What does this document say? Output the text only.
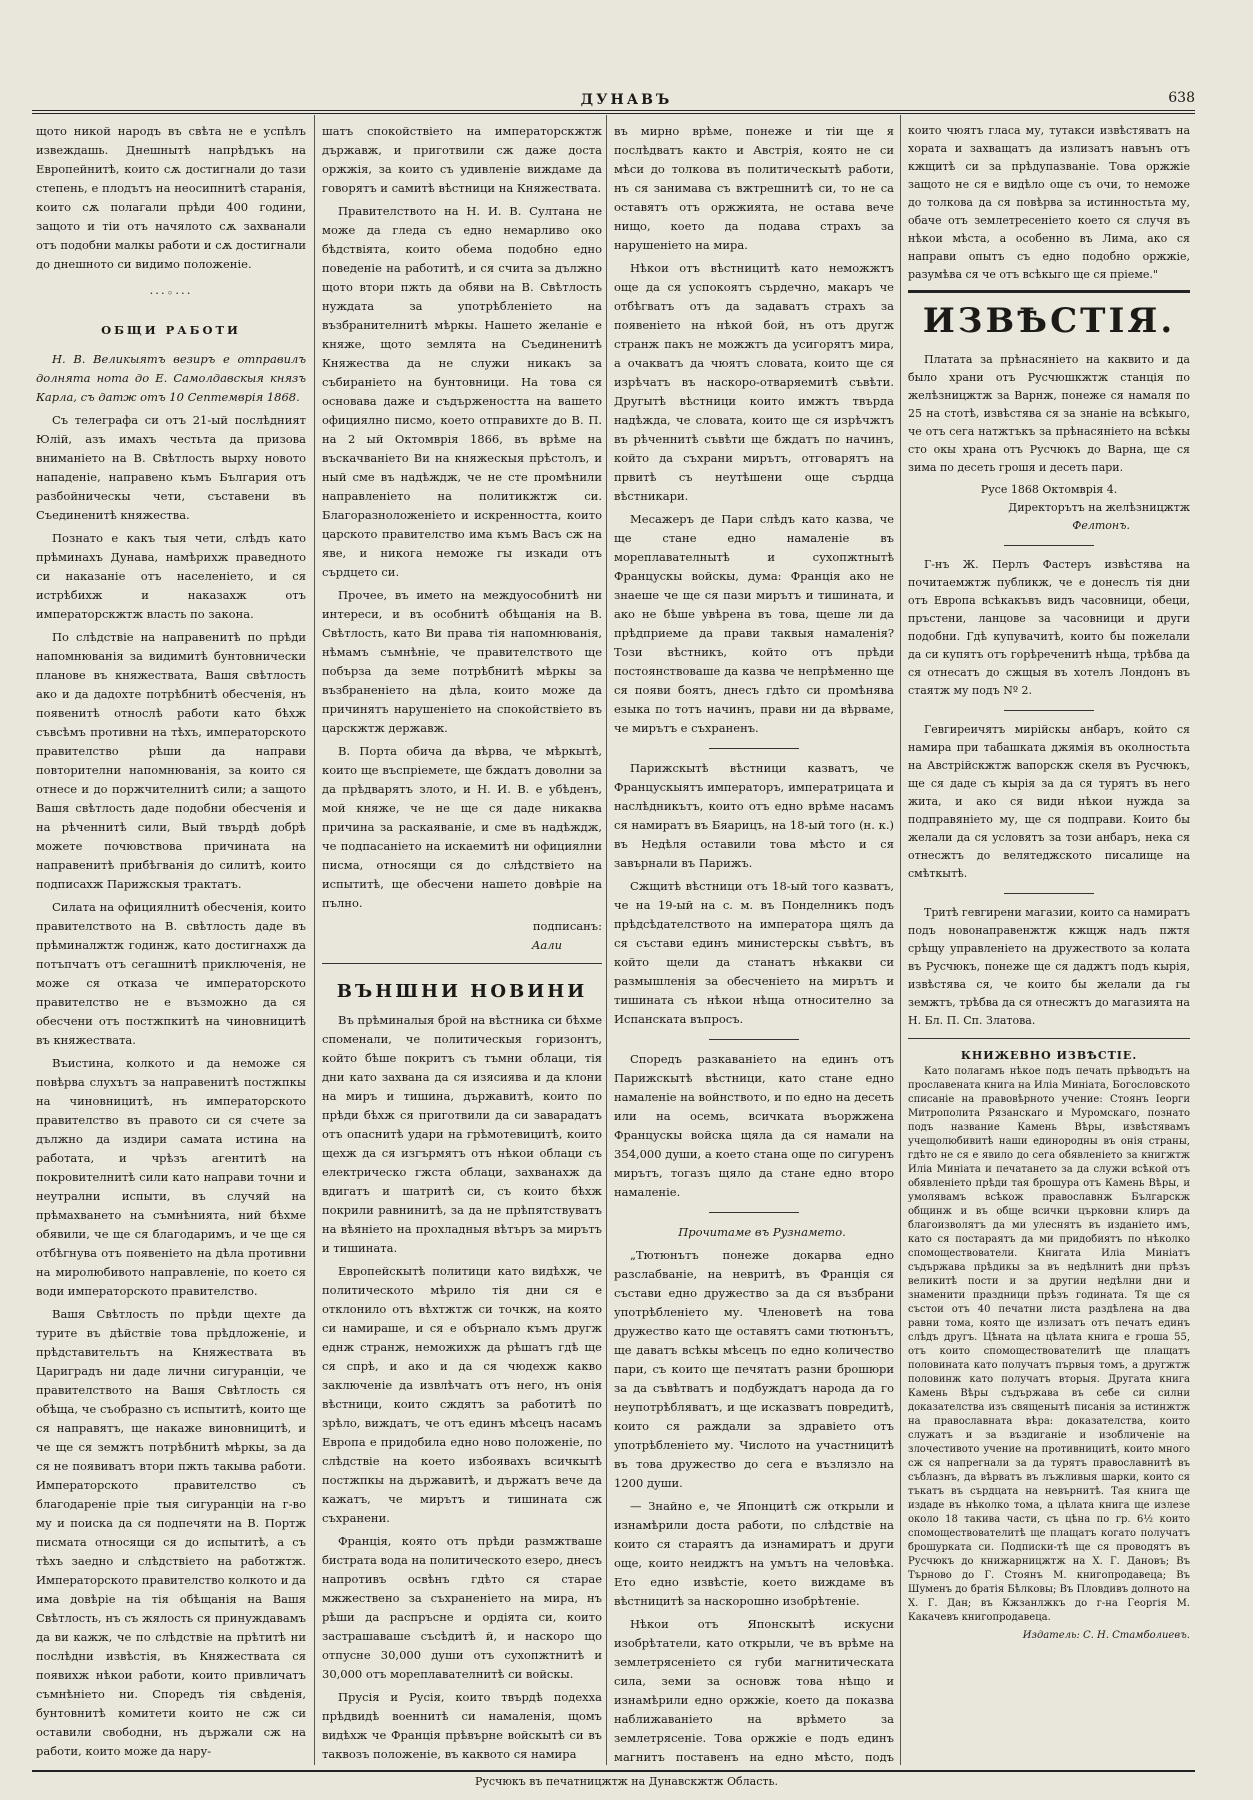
ДУНАВЪ	638

щото никой народъ въ свѣта не е успѣлъ извеждашь. Днешнытѣ напрѣдъкъ на Европейнитѣ, които сѫ достигнали до тази степень, е плодътъ на неосипнитѣ старанія, които сѫ полагали прѣди 400 години, защото и тіи отъ начялото сѫ захванали отъ подобни малкы работи и сѫ достигнали до днешното си видимо положеніе.

···◦···
ОБЩИ РАБОТИ

Н. В. Великыятъ везиръ е отправилъ долнята нота до Е. Самолдавскыя князъ Карла, съ датж отъ 10 Септемврія 1868.

Съ телеграфа си отъ 21-ый послѣдният Юлій, азъ имахъ честьта да призова вниманіето на В. Свѣтлость вырху новото нападеніе, направено къмъ България отъ разбойническы чети, съставени въ Съединенитѣ княжества.

Познато е какъ тыя чети, слѣдъ като прѣминахъ Дунава, намѣрихж праведното си наказаніе отъ населеніето, и ся истрѣбихж и наказахж отъ императорскжтж власть по закона.

По слѣдствіе на направенитѣ по прѣди напомнюванія за видимитѣ бунтовнически планове въ княжествата, Вашя свѣтлость ако и да дадохте потрѣбнитѣ обесченія, нъ появенитѣ относлѣ работи като бѣхж съвсѣмъ противни на тѣхъ, императорското правителство рѣши да направи повторителни напомнюванія, за които ся отнесе и до поржчителнитѣ сили; а защото Вашя свѣтлость даде подобни обесченія и на рѣченнитѣ сили, Вый твърдѣ добрѣ можете почювствова причината на направенитѣ прибѣгванія до силитѣ, които подписахж Парижскыя трактатъ.

Силата на официялнитѣ обесченія, които правителството на В. свѣтлость даде въ прѣминалжтж годинж, като достигнахж да потъпчатъ отъ сегашнитѣ приключенія, не може ся отказа че императорското правителство не е възможно да ся обесчени отъ постжпкитѣ на чиновницитѣ въ княжествата.

Въистина, колкото и да неможе ся повѣрва слухътъ за направенитѣ постжпкы на чиновницитѣ, нъ императорското правителство въ правото си ся счете за дължно да издири самата истина на работата, и чрѣзъ агентитѣ на покровителнитѣ сили като направи точни и неутрални испыти, въ случяй на прѣмахването на съмнѣнията, ний бѣхме обявили, че ще ся благодаримъ, и че ще ся отбѣгнува отъ появеніето на дѣла противни на миролюбивото направленіе, по което ся води императорското правителство.

Вашя Свѣтлость по прѣди щехте да турите въ дѣйствіе това прѣдложеніе, и прѣдставительтъ на Княжествата въ Цариградъ ни даде лични сигуранціи, че правителството на Вашя Свѣтлость ся обѣща, че съобразно съ испытитѣ, които ще ся направятъ, ще накаже виновницитѣ, и че ще ся земжтъ потрѣбнитѣ мѣркы, за да ся не появиватъ втори пжть такыва работи. Императорското правителство съ благодареніе пріе тыя сигуранціи на г-во му и поиска да ся подпечяти на В. Портж писмата относящи ся до испытитѣ, а съ тѣхъ заедно и слѣдствіето на работжтж. Императорското правителство колкото и да има довѣріе на тія обѣщанія на Вашя Свѣтлость, нъ съ жялость ся принуждавамъ да ви кажж, че по слѣдствіе на прѣтитѣ ни послѣдни извѣстія, въ Княжествата ся появихж нѣкои работи, които привличатъ съмнѣніето ни. Споредъ тія свѣденія, бунтовнитѣ комитети които не сж си оставили свободни, нъ държали сж на работи, които може да нару-

шатъ спокойствіето на императорскжтж държавж, и приготвили сж даже доста оржжія, за които съ удивленіе виждаме да говорятъ и самитѣ вѣстници на Княжествата.

Правителството на Н. И. В. Султана не може да гледа съ едно немарливо око бѣдствіята, които обема подобно едно поведеніе на работитѣ, и ся счита за дължно щото втори пжть да обяви на В. Свѣтлость нуждата за употрѣбленіето на възбранителнитѣ мѣркы. Нашето желаніе е княже, щото землята на Съединенитѣ Княжества да не служи никакъ за събираніето на бунтовници. На това ся основава даже и съдържеността на вашето официялно писмо, което отправихте до В. П. на 2 ый Октомврія 1866, въ врѣме на въскачваніето Ви на княжескыя прѣстолъ, и ный сме въ надѣждж, че не сте промѣнили направленіето на политикжтж си. Благоразноложеніето и искренността, които царското правителство има къмъ Васъ сж на яве, и никога неможе гы изкади отъ сърдцето си.

Прочее, въ името на междуособнитѣ ни интереси, и въ особнитѣ обѣщанія на В. Свѣтлость, като Ви права тія напомнюванія, нѣмамъ съмнѣніе, че правителството ще побърза да земе потрѣбнитѣ мѣркы за възбраненіето на дѣла, които може да причинятъ нарушеніето на спокойствіето въ царскжтж державж.

В. Порта обича да вѣрва, че мѣркытѣ, които ще въспріемете, ще бждатъ доволни за да прѣдварятъ злото, и Н. И. В. е убѣденъ, мой княже, че не ще ся даде никаква причина за раскаяваніе, и сме въ надѣждж, че подпасаніето на искаемитѣ ни официялни писма, относящи ся до слѣдствіето на испытитѣ, ще обесчени нашето довѣріе на пълно.

подписанъ:
Аали
ВЪНШНИ НОВИНИ

Въ прѣминалыя брой на вѣстника си бѣхме споменали, че политическыя горизонтъ, който бѣше покритъ съ тъмни облаци, тія дни като захвана да ся изясиява и да клони на миръ и тишина, държавитѣ, които по прѣди бѣхж ся приготвили да си заварадатъ отъ опаснитѣ удари на грѣмотевицитѣ, които щехж да ся изгърмятъ отъ нѣкои облаци съ електрическо гжста облаци, захванахж да вдигатъ и шатритѣ си, съ които бѣхж покрили равнинитѣ, за да не прѣпятствуватъ на вѣяніето на прохладныя вѣтъръ за мирътъ и тишината.

Европейскытѣ политици като видѣхж, че политическото мѣрило тія дни ся е отклонило отъ вѣхтжтж си точкж, на която си намираше, и ся е обърнало къмъ другж еднж странж, неможихж да рѣшатъ гдѣ ще ся спрѣ, и ако и да ся чюдехж какво заключеніе да извлѣчатъ отъ него, нъ онія вѣстници, които сждятъ за работитѣ по зрѣло, виждатъ, че отъ единъ мѣсецъ насамъ Европа е придобила едно ново положеніе, по слѣдствіе на което избоявахъ всичкытѣ постжпкы на държавитѣ, и държатъ вече да кажатъ, че мирътъ и тишината сж съхранени.

Франція, която отъ прѣди размжтваше бистрата вода на политическото езеро, днесъ напротивъ освѣнъ гдѣто ся старае мжжествено за съхраненіето на мира, нъ рѣши да распръсне и ордіята си, които застрашаваше съсѣдитѣ й, и наскоро що отпусне 30,000 души отъ сухопжтнитѣ и 30,000 отъ мореплавателнитѣ си войскы.

Прусія и Русія, които твърдѣ подехха прѣдвидѣ военнитѣ си намаленія, щомъ видѣхж че Франція прѣвърне войскытѣ си въ таквозъ положеніе, въ каквото ся намира

въ мирно врѣме, понеже и тіи ще я послѣдватъ както и Австрія, която не си мѣси до толкова въ политическытѣ работи, нъ ся занимава съ вжтрешнитѣ си, то не са оставятъ отъ оржжията, не остава вече нищо, което да подава страхъ за нарушеніето на мира.

Нѣкои отъ вѣстницитѣ като неможжтъ още да ся успокоятъ сърдечно, макаръ че отбѣгватъ отъ да задаватъ страхъ за появеніето на нѣкой бой, нъ отъ другж странж пакъ не можжтъ да усигорятъ мира, а очакватъ да чюятъ словата, които ще ся изрѣчатъ въ наскоро-отваряемитѣ съвѣти. Другытѣ вѣстници които имжтъ твърда надѣжда, че словата, които ще ся изрѣчжтъ въ рѣченнитѣ съвѣти ще бждатъ по начинъ, който да съхрани мирътъ, отговарятъ на првитѣ съ неутѣшени още сърдца вѣстникари.

Месажеръ де Пари слѣдъ като казва, че ще стане едно намаленіе въ мореплавателнытѣ и сухопжтнытѣ Францускы войскы, дума: Франція ако не знаеше че ще ся пази мирътъ и тишината, и ако не бѣше увѣрена въ това, щеше ли да прѣдприеме да прави таквыя намаленія? Този вѣстникъ, който отъ прѣди постоянствоваше да казва че непрѣменно ще ся появи боятъ, днесъ гдѣто си промѣнява езыка по тотъ начинъ, прави ни да вѣрваме, че мирътъ е съхраненъ.

Парижскытѣ вѣстници казватъ, че Францускыятъ императоръ, императрицата и наслѣдникътъ, които отъ едно врѣме насамъ ся намиратъ въ Бяарицъ, на 18-ый того (н. к.) въ Недѣля оставили това мѣсто и ся завърнали въ Парижъ.

Сжщитѣ вѣстници отъ 18-ый того казватъ, че на 19-ый на с. м. въ Понделникъ подъ прѣдсѣдателството на императора щялъ да ся състави единъ министерскы съвѣтъ, въ който щели да станатъ нѣкакви си размышленія за обесченіето на мирътъ и тишината съ нѣкои нѣща относително за Испанската въпросъ.

Споредъ разкаваніето на единъ отъ Парижскытѣ вѣстници, като стане едно намаленіе на войнството, и по едно на десеть или на осемь, всичката въоржжена Францускы войска щяла да ся намали на 354,000 души, а което стана още по сигуренъ мирътъ, тогазъ щяло да стане едно второ намаленіе.

Прочитаме въ Рузнамето.

„Тютюнътъ понеже докарва едно разслабваніе, на невритѣ, въ Франція ся състави едно дружество за да ся възбрани употрѣбленіето му. Членоветѣ на това дружество като ще оставятъ сами тютюнътъ, ще даватъ всѣкы мѣсецъ по едно количество пари, съ които ще печятатъ разни брошюри за да съвѣтватъ и подбуждатъ народа да го неупотрѣбляватъ, и ще исказватъ повредитѣ, които ся раждали за здравіето отъ употрѣбленіето му. Числото на участницитѣ въ това дружество до сега е възлязло на 1200 души.

— Знайно е, че Японцитѣ сж открыли и изнамѣрили доста работи, по слѣдствіе на които ся стараятъ да изнамиратъ и други още, които неиджтъ на умътъ на человѣка. Ето едно извѣстіе, което виждаме въ вѣстницитѣ за наскорошно изобрѣтеніе.

Нѣкои отъ Японскытѣ искусни изобрѣтатели, като открыли, че въ врѣме на землетрясеніето ся губи магнитическата сила, земи за основж това нѣщо и изнамѣрили едно оржжіе, което да показва наближаваніето на врѣмето за землетрясеніе. Това оржжіе е подъ единъ магнитъ поставенъ на едно мѣсто, подъ

които чюятъ гласа му, тутакси извѣстяватъ на хората и захващатъ да излизатъ навънъ отъ кжщитѣ си за прѣдупазваніе. Това оржжіе защото не ся е видѣло още съ очи, то неможе до толкова да ся повѣрва за истинностьта му, обаче отъ землетресеніето което ся случя въ нѣкои мѣста, а особенно въ Лима, ако ся направи опытъ съ едно подобно оржжіе, разумѣва ся че отъ всѣкыго ще ся пріеме."

ИЗВѢСТІЯ.

Платата за прѣнасяніето на каквито и да было храни отъ Русчюшкжтж станція по желѣзницжтж за Варнж, понеже ся намаля по 25 на стотѣ, извѣстява ся за знаніе на всѣкыго, че отъ сега натжтъкъ за прѣнасяніето на всѣкы сто окы храна отъ Русчюкъ до Варна, ще ся зима по десеть грошя и десеть пари.

Русе 1868 Октомврія 4.
Директорътъ на желѣзницжтж
Фелтонъ.

Г-нъ Ж. Перлъ Фастеръ извѣстява на почитаемжтж публикж, че е донеслъ тія дни отъ Европа всѣкакъвъ видъ часовници, обеци, пръстени, ланцове за часовници и други подобни. Гдѣ купувачитѣ, които бы пожелали да си купятъ отъ горѣреченитѣ нѣща, трѣбва да ся отнесатъ до сжщыя въ хотелъ Лондонъ въ стаятж му подъ Nº 2.

Гевгиреичятъ мирійскы анбаръ, който ся намира при табашката джямія въ околностьта на Австрійскжтж вапорскж скеля въ Русчюкъ, ще ся даде съ кырія за да ся турятъ въ него жита, и ако ся види нѣкои нужда за подправяніето му, ще ся подправи. Които бы желали да ся условятъ за този анбаръ, нека ся отнесжтъ до велятеджското писалище на смѣткытѣ.

Тритѣ гевгирени магазии, които са намиратъ подъ новонаправенжтж кжщж надъ пжтя срѣщу управленіето на дружеството за колата въ Русчюкъ, понеже ще ся даджтъ подъ кырія, извѣстява ся, че които бы желали да гы земжтъ, трѣбва да ся отнесжтъ до магазията на Н. Бл. П. Сп. Златова.

КНИЖЕВНО ИЗВѢСТІЕ.

Като полагамъ нѣкое подъ печать прѣводътъ на прославената книга на Иліа Миніата, Богословското списаніе на правовѣрното учение: Стоянъ Іеорги Митрополита Рязанскаго и Муромскаго, познато подъ название Камень Вѣры, извѣстявамъ учещолюбивитѣ наши единородны въ онія страны, гдѣто не ся е явило до сега обявленіето за книгжтж Иліа Миніата и печатането за да служи всѣкой отъ обявленіето прѣди тая брошура отъ Камень Вѣры, и умолявамъ всѣкож православнж Българскж общинж и въ обще всички църковни клиръ да благоизволятъ да ми улеснятъ въ изданіето имъ, като ся постараятъ да ми придобиятъ по нѣколко спомоществователи. Книгата Иліа Миніатъ съдържава прѣдикы за въ недѣлнитѣ дни прѣзъ великитѣ пости и за другии недѣлни дни и знаменити праздници прѣзъ годината. Тя ще ся състои отъ 40 печатни листа раздѣлена на два равни тома, която ще излизатъ отъ печатъ единъ слѣдъ другъ. Цѣната на цѣлата книга е гроша 55, отъ които спомоществователитѣ ще плащатъ половината като получатъ първыя томъ, а другжтж половинж като получатъ вторыя. Другата книга Камень Вѣры съдържава въ себе си силни доказателства изъ священытѣ писанія за истинжтж на православната вѣра: доказателства, които служатъ и за въздиганіе и изобличеніе на злочестивото учение на противницитѣ, които много сж ся напрегнали за да турятъ православнитѣ въ съблазнъ, да вѣрватъ въ лъжливыя шарки, които ся тъкатъ въ сърдцата на невърнитѣ. Тая книга ще издаде въ нѣколко тома, а цѣлата книга ще излезе около 18 такива части, съ цѣна по гр. 6½ които спомоществователитѣ ще плащатъ когато получатъ брошурката си. Подписки-тѣ ще ся проводятъ въ Русчюкъ до книжарницжтж на Х. Г. Дановъ; Въ Търново до Г. Стоянъ М. книгопродавеца; Въ Шуменъ до братія Бѣлковы; Въ Пловдивъ долното на Х. Г. Дан; въ Кжзанлжкъ до г-на Георгія М. Какачевъ книгопродавеца.

Издатель: С. Н. Стамболиевъ.
Русчюкъ въ печатницжтж на Дунавскжтж Область.
